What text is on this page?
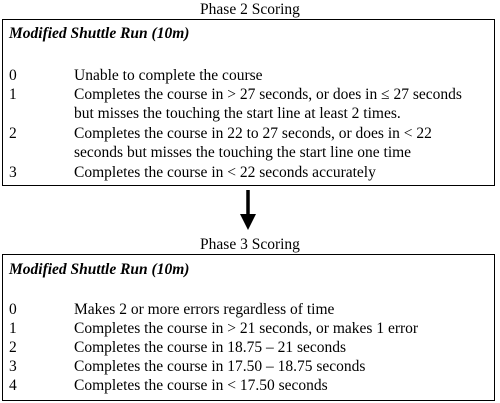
Phase 2 Scoring
Modified Shuttle Run (10m)
0	Unable to complete the course
1	Completes the course in > 27 seconds, or does in ≤ 27 seconds
but misses the touching the start line at least 2 times.
2	Completes the course in 22 to 27 seconds, or does in < 22
seconds but misses the touching the start line one time
3	Completes the course in < 22 seconds accurately
Phase 3 Scoring
Modified Shuttle Run (10m)
0	Makes 2 or more errors regardless of time
1	Completes the course in > 21 seconds, or makes 1 error
2	Completes the course in 18.75 – 21 seconds
3	Completes the course in 17.50 – 18.75 seconds
4	Completes the course in < 17.50 seconds
